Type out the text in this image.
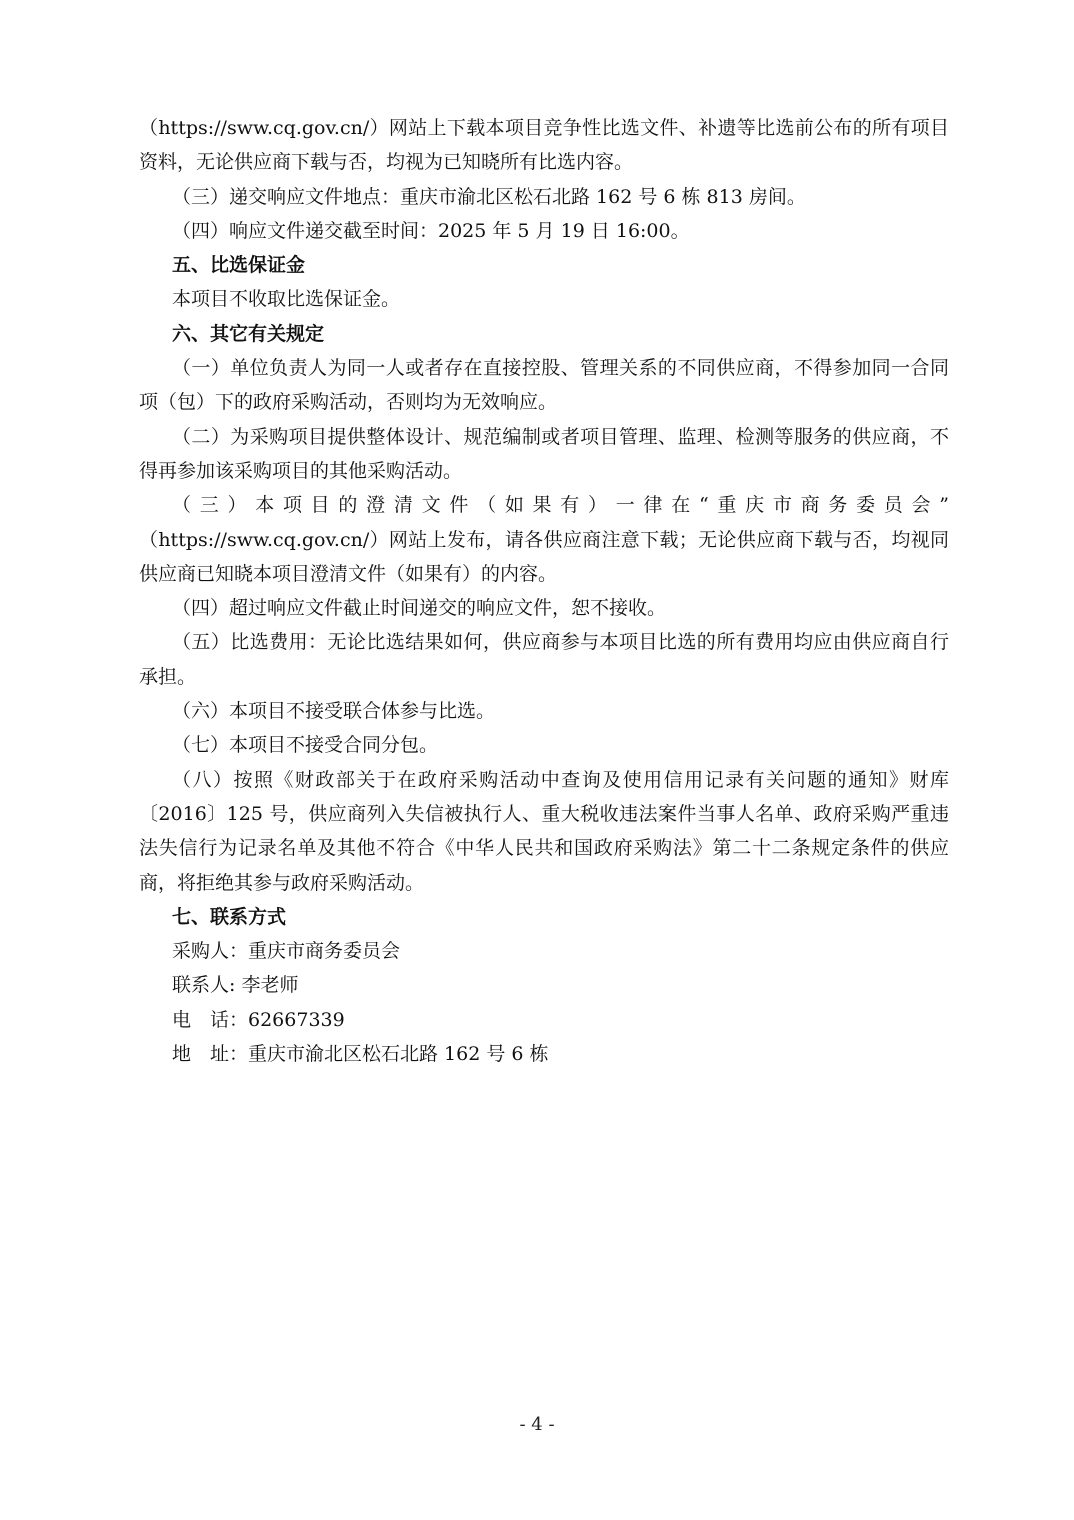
（https://sww.cq.gov.cn/）网站上下载本项目竞争性比选文件、补遗等比选前公布的所有项目资料，无论供应商下载与否，均视为已知晓所有比选内容。

（三）递交响应文件地点：重庆市渝北区松石北路 162 号 6 栋 813 房间。

（四）响应文件递交截至时间：2025 年 5 月 19 日 16:00。

五、比选保证金

本项目不收取比选保证金。

六、其它有关规定

（一）单位负责人为同一人或者存在直接控股、管理关系的不同供应商，不得参加同一合同项（包）下的政府采购活动，否则均为无效响应。

（二）为采购项目提供整体设计、规范编制或者项目管理、监理、检测等服务的供应商，不得再参加该采购项目的其他采购活动。

（三）本项目的澄清文件（如果有）一律在“重庆市商务委员会”

（https://sww.cq.gov.cn/）网站上发布，请各供应商注意下载；无论供应商下载与否，均视同供应商已知晓本项目澄清文件（如果有）的内容。

（四）超过响应文件截止时间递交的响应文件，恕不接收。

（五）比选费用：无论比选结果如何，供应商参与本项目比选的所有费用均应由供应商自行承担。

（六）本项目不接受联合体参与比选。

（七）本项目不接受合同分包。

（八）按照《财政部关于在政府采购活动中查询及使用信用记录有关问题的通知》财库〔2016〕125 号，供应商列入失信被执行人、重大税收违法案件当事人名单、政府采购严重违法失信行为记录名单及其他不符合《中华人民共和国政府采购法》第二十二条规定条件的供应商，将拒绝其参与政府采购活动。

七、联系方式

采购人：重庆市商务委员会

联系人: 李老师

电　话：62667339

地　址：重庆市渝北区松石北路 162 号 6 栋

- 4 -
